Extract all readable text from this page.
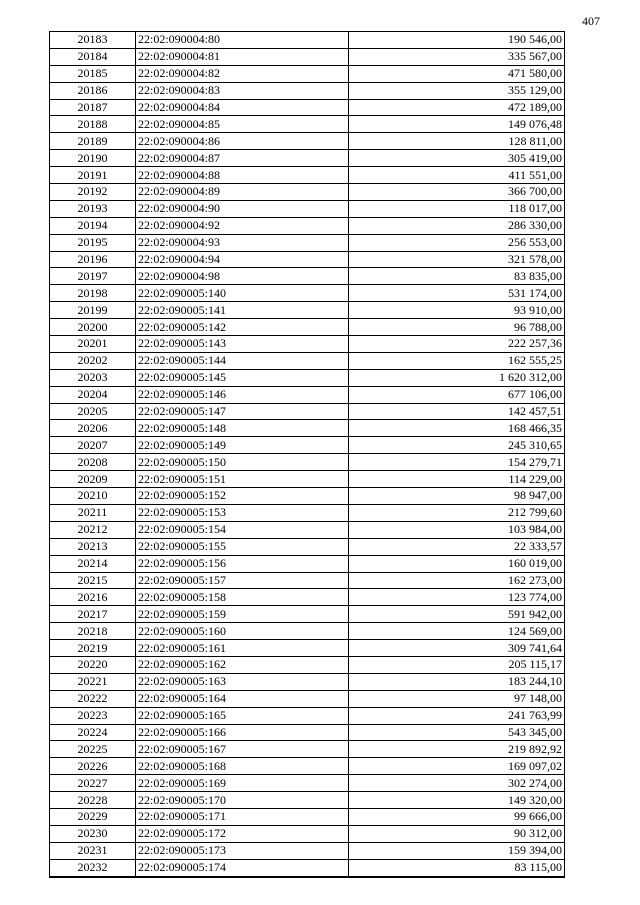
407
20183	22:02:090004:80	190 546,00
20184	22:02:090004:81	335 567,00
20185	22:02:090004:82	471 580,00
20186	22:02:090004:83	355 129,00
20187	22:02:090004:84	472 189,00
20188	22:02:090004:85	149 076,48
20189	22:02:090004:86	128 811,00
20190	22:02:090004:87	305 419,00
20191	22:02:090004:88	411 551,00
20192	22:02:090004:89	366 700,00
20193	22:02:090004:90	118 017,00
20194	22:02:090004:92	286 330,00
20195	22:02:090004:93	256 553,00
20196	22:02:090004:94	321 578,00
20197	22:02:090004:98	83 835,00
20198	22:02:090005:140	531 174,00
20199	22:02:090005:141	93 910,00
20200	22:02:090005:142	96 788,00
20201	22:02:090005:143	222 257,36
20202	22:02:090005:144	162 555,25
20203	22:02:090005:145	1 620 312,00
20204	22:02:090005:146	677 106,00
20205	22:02:090005:147	142 457,51
20206	22:02:090005:148	168 466,35
20207	22:02:090005:149	245 310,65
20208	22:02:090005:150	154 279,71
20209	22:02:090005:151	114 229,00
20210	22:02:090005:152	98 947,00
20211	22:02:090005:153	212 799,60
20212	22:02:090005:154	103 984,00
20213	22:02:090005:155	22 333,57
20214	22:02:090005:156	160 019,00
20215	22:02:090005:157	162 273,00
20216	22:02:090005:158	123 774,00
20217	22:02:090005:159	591 942,00
20218	22:02:090005:160	124 569,00
20219	22:02:090005:161	309 741,64
20220	22:02:090005:162	205 115,17
20221	22:02:090005:163	183 244,10
20222	22:02:090005:164	97 148,00
20223	22:02:090005:165	241 763,99
20224	22:02:090005:166	543 345,00
20225	22:02:090005:167	219 892,92
20226	22:02:090005:168	169 097,02
20227	22:02:090005:169	302 274,00
20228	22:02:090005:170	149 320,00
20229	22:02:090005:171	99 666,00
20230	22:02:090005:172	90 312,00
20231	22:02:090005:173	159 394,00
20232	22:02:090005:174	83 115,00
